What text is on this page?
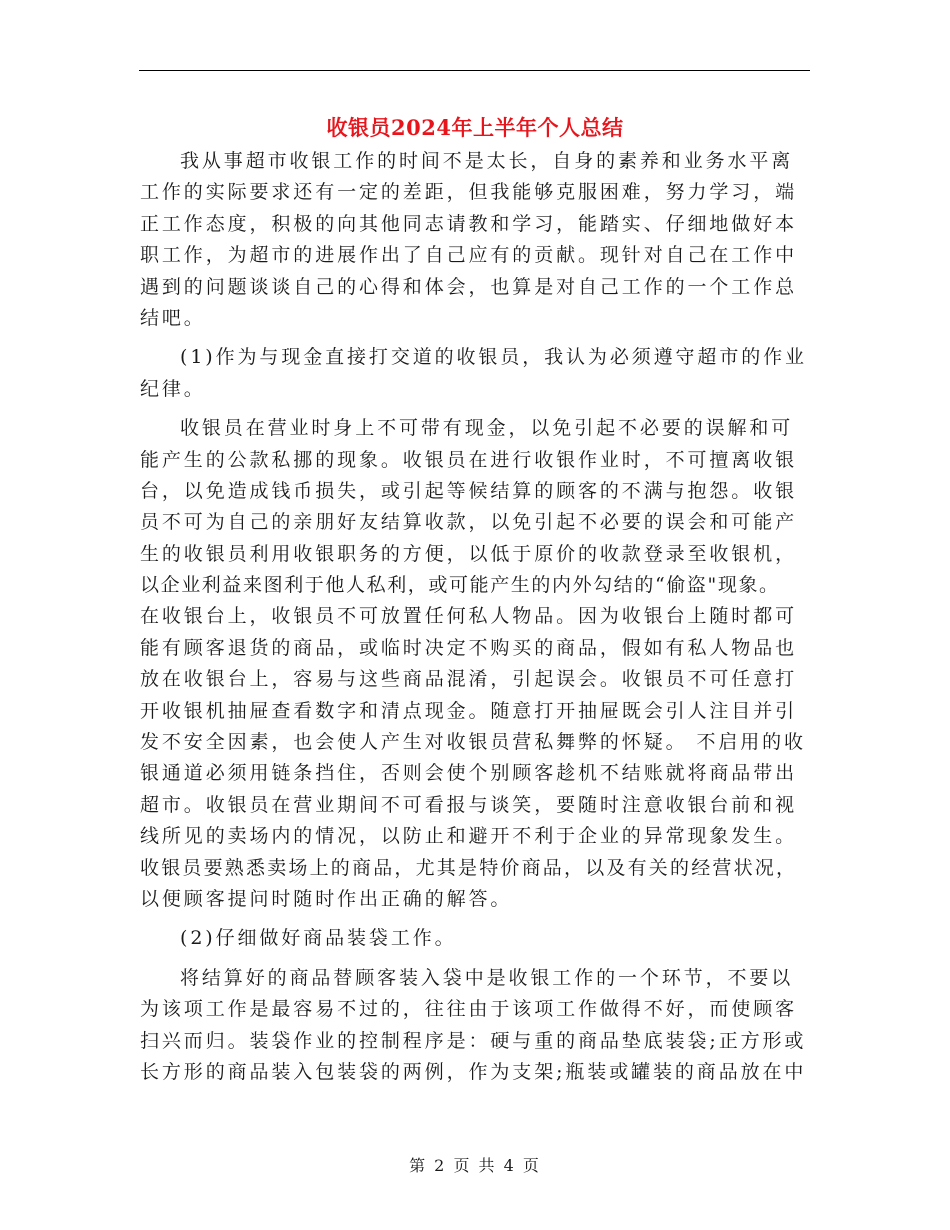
收银员2024年上半年个人总结
我从事超市收银工作的时间不是太长，自身的素养和业务水平离
工作的实际要求还有一定的差距，但我能够克服困难，努力学习，端
正工作态度，积极的向其他同志请教和学习，能踏实、仔细地做好本
职工作，为超市的进展作出了自己应有的贡献。现针对自己在工作中
遇到的问题谈谈自己的心得和体会，也算是对自己工作的一个工作总
结吧。
(1)作为与现金直接打交道的收银员，我认为必须遵守超市的作业
纪律。
收银员在营业时身上不可带有现金，以免引起不必要的误解和可
能产生的公款私挪的现象。收银员在进行收银作业时，不可擅离收银
台，以免造成钱币损失，或引起等候结算的顾客的不满与抱怨。收银
员不可为自己的亲朋好友结算收款，以免引起不必要的误会和可能产
生的收银员利用收银职务的方便，以低于原价的收款登录至收银机，
以企业利益来图利于他人私利，或可能产生的内外勾结的“偷盗"现象。
在收银台上，收银员不可放置任何私人物品。因为收银台上随时都可
能有顾客退货的商品，或临时决定不购买的商品，假如有私人物品也
放在收银台上，容易与这些商品混淆，引起误会。收银员不可任意打
开收银机抽屉查看数字和清点现金。随意打开抽屉既会引人注目并引
发不安全因素，也会使人产生对收银员营私舞弊的怀疑。 不启用的收
银通道必须用链条挡住，否则会使个别顾客趁机不结账就将商品带出
超市。收银员在营业期间不可看报与谈笑，要随时注意收银台前和视
线所见的卖场内的情况，以防止和避开不利于企业的异常现象发生。
收银员要熟悉卖场上的商品，尤其是特价商品，以及有关的经营状况，
以便顾客提问时随时作出正确的解答。
(2)仔细做好商品装袋工作。
将结算好的商品替顾客装入袋中是收银工作的一个环节，不要以
为该项工作是最容易不过的，往往由于该项工作做得不好，而使顾客
扫兴而归。装袋作业的控制程序是：硬与重的商品垫底装袋;正方形或
长方形的商品装入包装袋的两例，作为支架;瓶装或罐装的商品放在中
第 2 页 共 4 页
